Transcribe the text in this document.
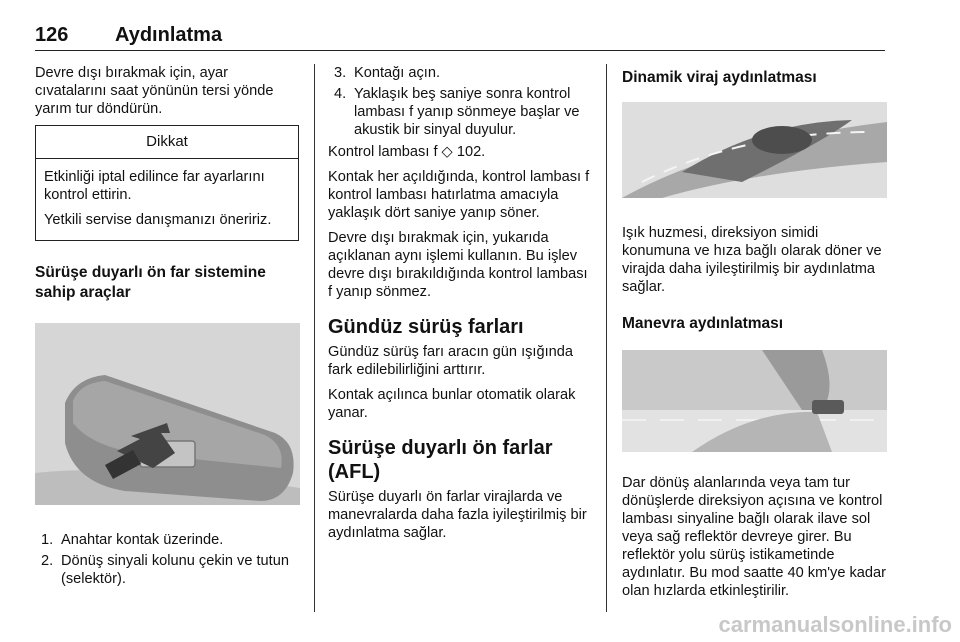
126 Aydınlatma

Devre dışı bırakmak için, ayar cıvatalarını saat yönünün tersi yönde yarım tur döndürün.

Dikkat

Etkinliği iptal edilince far ayarlarını kontrol ettirin.

Yetkili servise danışmanızı öneririz.

Sürüşe duyarlı ön far sistemine sahip araçlar
1. Anahtar kontak üzerinde.
2. Dönüş sinyali kolunu çekin ve tutun (selektör).
3. Kontağı açın.
4. Yaklaşık beş saniye sonra kontrol lambası f yanıp sönmeye başlar ve akustik bir sinyal duyulur.

Kontrol lambası f ◇ 102.

Kontak her açıldığında, kontrol lambası f kontrol lambası hatırlatma amacıyla yaklaşık dört saniye yanıp söner.

Devre dışı bırakmak için, yukarıda açıklanan aynı işlemi kullanın. Bu işlev devre dışı bırakıldığında kontrol lambası f yanıp sönmez.

Gündüz sürüş farları

Gündüz sürüş farı aracın gün ışığında fark edilebilirliğini arttırır.

Kontak açılınca bunlar otomatik olarak yanar.

Sürüşe duyarlı ön farlar (AFL)

Sürüşe duyarlı ön farlar virajlarda ve manevralarda daha fazla iyileştirilmiş bir aydınlatma sağlar.

Dinamik viraj aydınlatması

Işık huzmesi, direksiyon simidi konumuna ve hıza bağlı olarak döner ve virajda daha iyileştirilmiş bir aydınlatma sağlar.

Manevra aydınlatması

Dar dönüş alanlarında veya tam tur dönüşlerde direksiyon açısına ve kontrol lambası sinyaline bağlı olarak ilave sol veya sağ reflektör devreye girer. Bu reflektör yolu sürüş istikametinde aydınlatır. Bu mod saatte 40 km'ye kadar olan hızlarda etkinleştirilir.

carmanualsonline.info
